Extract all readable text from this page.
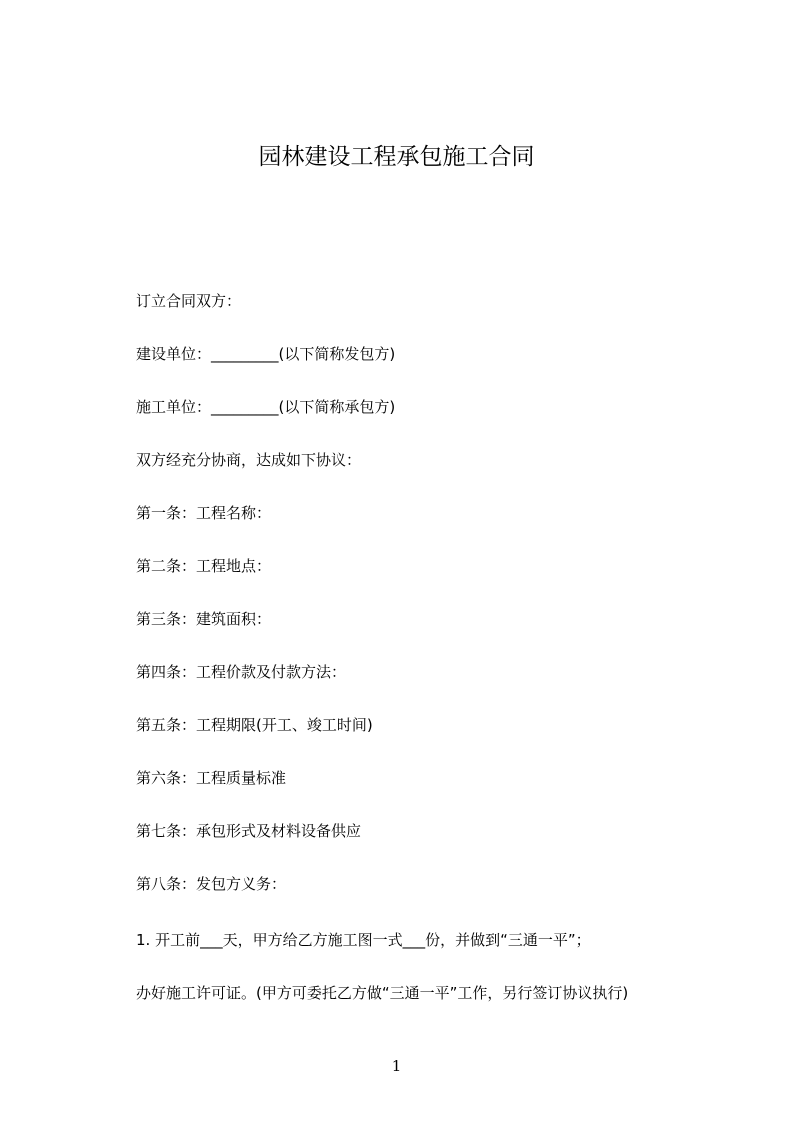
园林建设工程承包施工合同

订立合同双方：

建设单位：_________(以下简称发包方)

施工单位：_________(以下简称承包方)

双方经充分协商，达成如下协议：

第一条：工程名称：

第二条：工程地点：

第三条：建筑面积：

第四条：工程价款及付款方法：

第五条：工程期限(开工、竣工时间)

第六条：工程质量标准

第七条：承包形式及材料设备供应

第八条：发包方义务：

1. 开工前___天，甲方给乙方施工图一式___份，并做到“三通一平”；

办好施工许可证。(甲方可委托乙方做“三通一平”工作，另行签订协议执行)

1
